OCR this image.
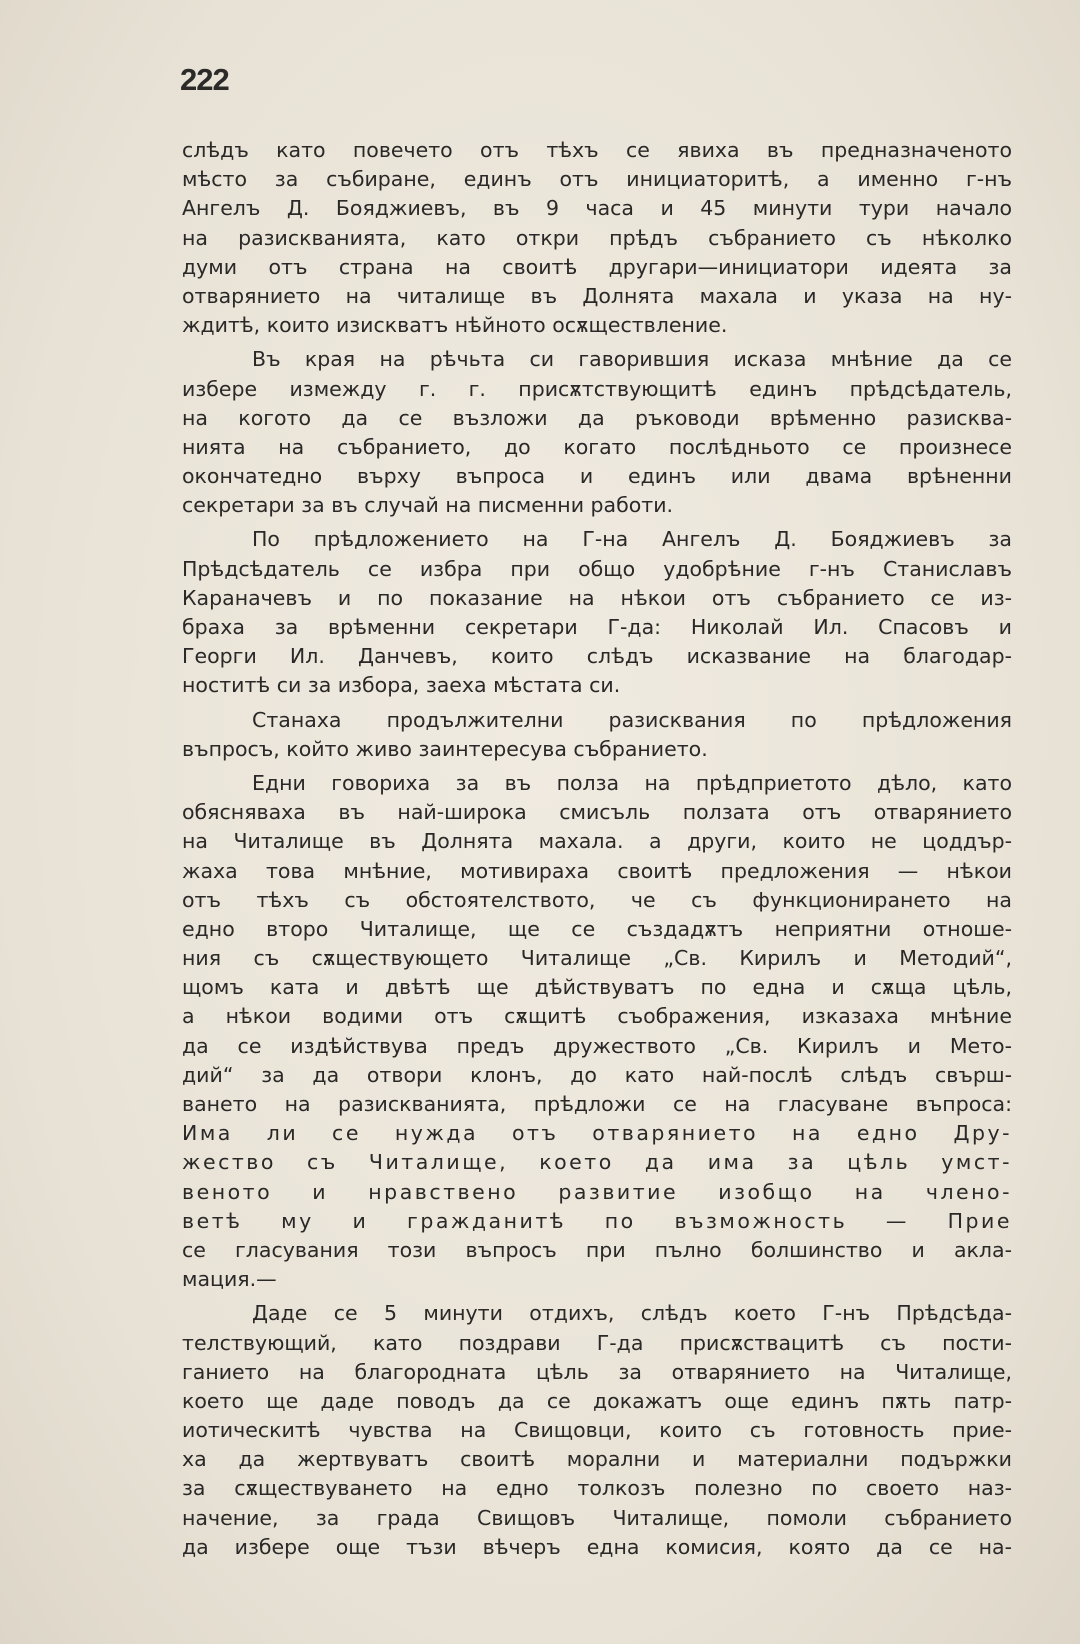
222
слѣдъ като повечето отъ тѣхъ се явиха въ предназначеното
мѣсто за събиране, единъ отъ инициаторитѣ, а именно г-нъ
Ангелъ Д. Бояджиевъ, въ 9 часа и 45 минути тури начало
на разискванията, като откри прѣдъ събранието съ нѣколко
думи отъ страна на своитѣ другари—инициатори идеята за
отварянието на читалище въ Долнята махала и указа на ну-
ждитѣ, които изискватъ нѣйното осѫществление.
Въ края на рѣчьта си гаворившия исказа мнѣние да се
избере измежду г. г. присѫтствующитѣ единъ прѣдсѣдатель,
на когото да се възложи да ръководи врѣменно разисква-
нията на събранието, до когато послѣдньото се произнесе
окончатедно върху въпроса и единъ или двама врѣненни
секретари за въ случай на писменни работи.
По прѣдложението на Г-на Ангелъ Д. Бояджиевъ за
Прѣдсѣдатель се избра при общо удобрѣние г-нъ Станиславъ
Караначевъ и по показание на нѣкои отъ събранието се из-
браха за врѣменни секретари Г-да: Николай Ил. Спасовъ и
Георги Ил. Данчевъ, които слѣдъ исказвание на благодар-
ноститѣ си за избора, заеха мѣстата си.
Станаха продължителни разисквания по прѣдложения
въпросъ, който живо заинтересува събранието.
Едни говориха за въ полза на прѣдприетото дѣло, като
обясняваха въ най-широка смисъль ползата отъ отварянието
на Читалище въ Долнята махала. а други, които не цоддър-
жаха това мнѣние, мотивираха своитѣ предложения — нѣкои
отъ тѣхъ съ обстоятелството, че съ функционирането на
едно второ Читалище, ще се създадѫтъ неприятни отноше-
ния съ сѫществующето Читалище „Св. Кирилъ и Методий“,
щомъ ката и двѣтѣ ще дѣйствуватъ по една и сѫща цѣль,
а нѣкои водими отъ сѫщитѣ съображения, изказаха мнѣние
да се издѣйствува предъ дружеството „Св. Кирилъ и Мето-
дий“ за да отвори клонъ, до като най-послѣ слѣдъ свърш-
ването на разискванията, прѣдложи се на гласуване въпроса:
Има ли се нужда отъ отварянието на едно Дру-
жество съ Читалище, което да има за цѣль умст-
веното и нравствено развитие изобщо на члено-
ветѣ му и гражданитѣ по възможность — Прие
се гласувания този въпросъ при пълно болшинство и акла-
мация.—
Даде се 5 минути отдихъ, слѣдъ което Г-нъ Прѣдсѣда-
телствующий, като поздрави Г-да присѫствацитѣ съ пости-
ганието на благородната цѣль за отварянието на Читалище,
което ще даде поводъ да се докажатъ още единъ пѫть патр-
иотическитѣ чувства на Свищовци, които съ готовность прие-
ха да жертвуватъ своитѣ морални и материални подържки
за сѫществуването на едно толкозъ полезно по своето наз-
начение, за града Свищовъ Читалище, помоли събранието
да избере още тъзи вѣчеръ една комисия, която да се на-
